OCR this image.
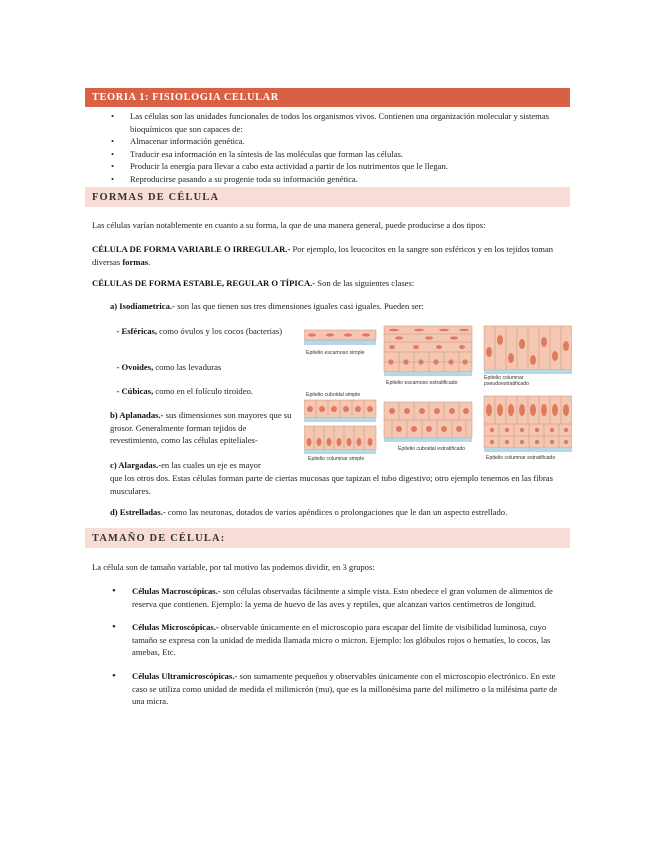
TEORIA 1: FISIOLOGIA CELULAR
• Las células son las unidades funcionales de todos los organismos vivos. Contienen una organización molecular y sistemas bioquímicos que son capaces de:
• Almacenar información genética.
• Traducir esa información en la síntesis de las moléculas que forman las células.
• Producir la energía para llevar a cabo esta actividad a partir de los nutrimentos que le llegan.
• Reproducirse pasando a su progenie toda su información genética.
FORMAS DE CÉLULA

Las células varían notablemente en cuanto a su forma, la que de una manera general, puede producirse a dos tipos:

CÉLULA DE FORMA VARIABLE O IRREGULAR.- Por ejemplo, los leucocitos en la sangre son esféricos y en los tejidos toman diversas formas.

CÉLULAS DE FORMA ESTABLE, REGULAR O TÍPICA.- Son de las siguientes clases:

a) Isodiametrica.- son las que tienen sus tres dimensiones iguales casi iguales. Pueden ser:

- Esféricas, como óvulos y los cocos (bacterias)

- Ovoides, como las levaduras

- Cúbicas, como en el folículo tiroideo.

b) Aplanadas.- sus dimensiones son mayores que su grosor. Generalmente forman tejidos de revestimiento, como las células epiteliales-

c) Alargadas.-en las cuales un eje es mayor

que los otros dos. Estas células forman parte de ciertas mucosas que tapizan el tubo digestivo; otro ejemplo tenemos en las fibras musculares.

d) Estrelladas.- como las neuronas, dotados de varios apéndices o prolongaciones que le dan un aspecto estrellado.

Epitelio escamoso simple
Epitelio escamoso estratificado
Epitelio columnar pseudoestratificado
Epitelio cuboidal simple
Epitelio cuboidal estratificado
Epitelio columnar simple	Epitelio columnar estratificado
TAMAÑO DE CÉLULA:

La célula son de tamaño variable, por tal motivo las podemos dividir, en 3 grupos:

• Células Macroscópicas.- son células observadas fácilmente a simple vista. Esto obedece el gran volumen de alimentos de reserva que contienen. Ejemplo: la yema de huevo de las aves y reptiles, que alcanzan varios centímetros de longitud.
• Células Microscópicas.- observable únicamente en el microscopio para escapar del límite de visibilidad luminosa, cuyo tamaño se expresa con la unidad de medida llamada micro o micron. Ejemplo: los glóbulos rojos o hematíes, lo cocos, las amebas, Etc.
• Células Ultramicroscópicas.- son sumamente pequeños y observables únicamente con el microscopio electrónico. En este caso se utiliza como unidad de medida el milimicrón (mu), que es la millonésima parte del milímetro o la milésima parte de una micra.
